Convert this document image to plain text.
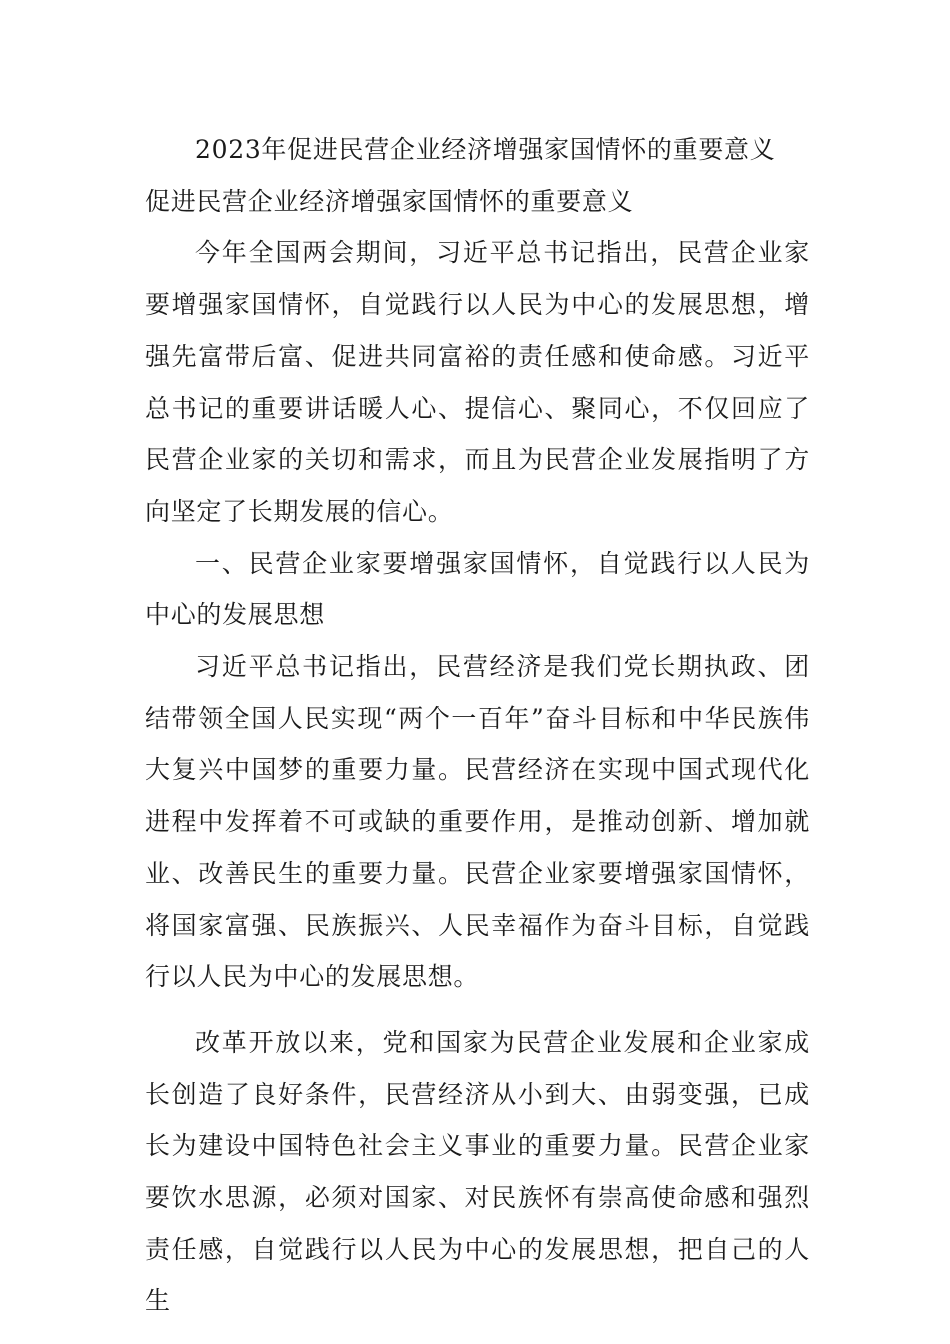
2023年促进民营企业经济增强家国情怀的重要意义

促进民营企业经济增强家国情怀的重要意义

今年全国两会期间，习近平总书记指出，民营企业家要增强家国情怀，自觉践行以人民为中心的发展思想，增强先富带后富、促进共同富裕的责任感和使命感。习近平总书记的重要讲话暖人心、提信心、聚同心，不仅回应了民营企业家的关切和需求，而且为民营企业发展指明了方向坚定了长期发展的信心。

一、民营企业家要增强家国情怀，自觉践行以人民为中心的发展思想

习近平总书记指出，民营经济是我们党长期执政、团结带领全国人民实现“两个一百年”奋斗目标和中华民族伟大复兴中国梦的重要力量。民营经济在实现中国式现代化进程中发挥着不可或缺的重要作用，是推动创新、增加就业、改善民生的重要力量。民营企业家要增强家国情怀，将国家富强、民族振兴、人民幸福作为奋斗目标，自觉践行以人民为中心的发展思想。

改革开放以来，党和国家为民营企业发展和企业家成长创造了良好条件，民营经济从小到大、由弱变强，已成长为建设中国特色社会主义事业的重要力量。民营企业家要饮水思源，必须对国家、对民族怀有崇高使命感和强烈责任感，自觉践行以人民为中心的发展思想，把自己的人生
